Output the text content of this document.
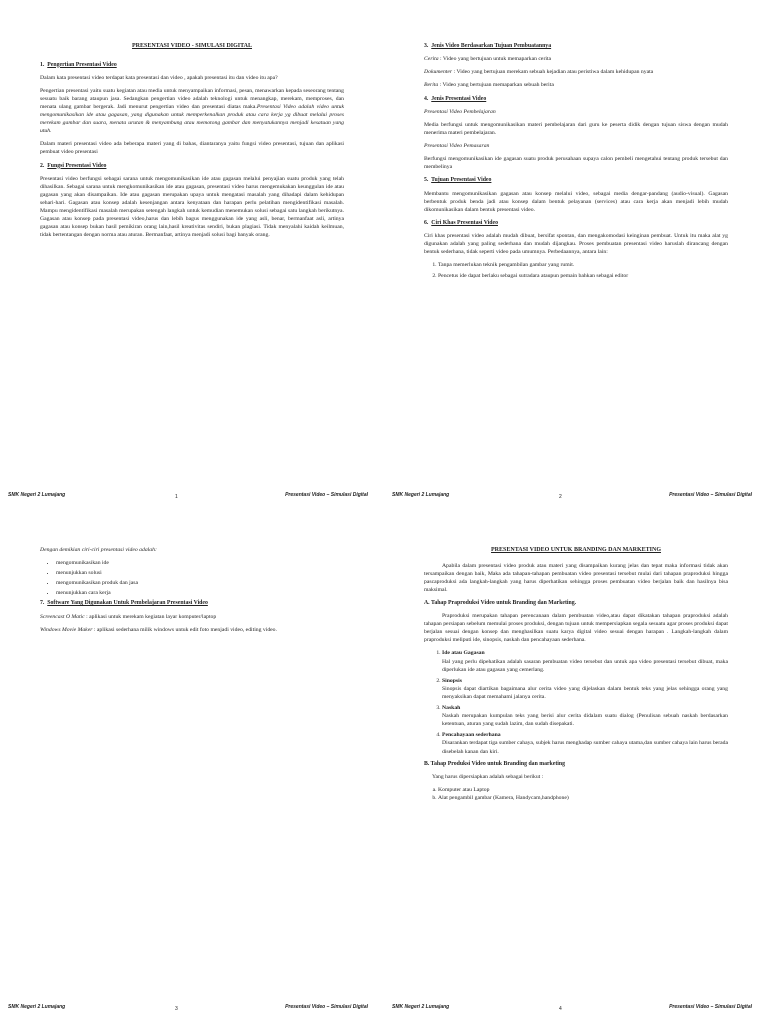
PRESENTASI VIDEO - SIMULASI DIGITAL
1. Pengertian Presentasi Video

Dalam kata presentasi video terdapat kata presentasi dan video , apakah presentasi itu dan video itu apa?

Pengertian presentasi yaitu suatu kegiatan atau media untuk menyampaikan informasi, pesan, menawarkan kepada seseorang tentang sesuatu baik barang ataupun jasa. Sedangkan pengertian video adalah teknologi untuk menangkap, merekam, memproses, dan menata ulang gambar bergerak. Jadi menurut pengertian video dan presentasi diatas maka.Presentasi Video adalah video untuk mengomunikasikan ide atau gagasan, yang digunakan untuk memperkenalkan produk atau cara kerja yg dibuat melalui proses merekam gambar dan suara, menata urutan & menyambung atau memotong gambar dan menyatukannya menjadi kesatuan yang utuh.

Dalam materi presentasi video ada beberapa materi yang di bahas, diantaranya yaitu fungsi video presentasi, tujuan dan aplikasi pembuat video presentasi

2. Fungsi Presentasi Video

Presentasi video berfungsi sebagai sarana untuk mengomunikasikan ide atau gagasan melalui penyajian suatu produk yang telah dihasilkan. Sebagai sarana untuk mengkomunikasikan ide atau gagasan, presentasi video harus mengemukakan keunggulan ide atau gagasan yang akan disampaikan. Ide atau gagasan merupakan upaya untuk mengatasi masalah yang dihadapi dalam kehidupan sehari-hari. Gagasan atau konsep adalah kesenjangan antara kenyataan dan harapan perlu pelatihan mengidentifikasi masalah. Mampu mengidentifikasi masalah merupakan setengah langkah untuk kemudian menemukan solusi sebagai satu langkah berikutnya. Gagasan atau konsep pada presentasi video,harus dan lebih bagus menggunakan ide yang asli, benar, bermanfaat asli, artinya gagasan atau konsep bukan hasil pemikiran orang lain,hasil kreativitas sendiri, bukan plagiasi. Tidak menyalahi kaidah keilmuan, tidak bertentangan dengan norma atau aturan. Bermanfaat, artinya menjadi solusi bagi banyak orang.

SMK Negeri 2 Lumajang	1	Presentasi Video – Simulasi Digital
3. Jenis Video Berdasarkan Tujuan Pembuatannya

Cerita : Video yang bertujuan untuk memaparkan cerita

Dokumenter : Video yang bertujuan merekam sebuah kejadian atau peristiwa dalam kehidupan nyata

Berita : Video yang bertujuan memaparkan sebuah berita

4. Jenis Presentasi Video

Presentasi Video Pembelajaran

Media berfungsi untuk mengomunikasikan materi pembelajaran dari guru ke peserta didik dengan tujuan siswa dengan mudah menerima materi pembelajaran.

Presentasi Video Pemasaran

Berfungsi mengomunikasikan ide gagasan suatu produk perusahaan supaya calon pembeli mengetahui tentang produk tersebut dan membelinya

5. Tujuan Presentasi Video

Membantu mengomunikasikan gagasan atau konsep melalui video, sebagai media dengar-pandang (audio-visual). Gagasan berbentuk produk benda jadi atau konsep dalam bentuk pelayanan (services) atau cara kerja akan menjadi lebih mudah dikomunikasikan dalam bentuk presentasi video.

6. Ciri Khas Presentasi Video

Ciri khas presentasi video adalah mudah dibuat, bersifat spontan, dan mengakomodasi keinginan pembuat. Untuk itu maka alat yg digunakan adalah yang paling sederhana dan mudah dijangkau. Proses pembuatan presentasi video haruslah dirancang dengan bentuk sederhana, tidak seperti video pada umumnya. Perbedaannya, antara lain:

1. Tanpa memerlukan teknik pengambilan gambar yang rumit.
2. Pencetus ide dapat berlaku sebagai sutradara ataupun pemain bahkan sebagai editor
SMK Negeri 2 Lumajang	2	Presentasi Video – Simulasi Digital

Dengan demikian ciri-ciri presentasi video adalah:

• mengomunikasikan ide
• menunjukkan solusi
• mengomunikasikan produk dan jasa
• menunjukkan cara kerja
7. Software Yang Digunakan Untuk Pembelajaran Presentasi Video

Screencast O Matic : aplikasi untuk merekam kegiatan layar komputer/laptop

Windows Movie Maker : aplikasi sederhana milik windows untuk edit foto menjadi video, editing video.

SMK Negeri 2 Lumajang	3	Presentasi Video – Simulasi Digital
PRESENTASI VIDEO UNTUK BRANDING DAN MARKETING

Apabila dalam presentasi video produk atau materi yang disampaikan kurang jelas dan tepat maka informasi tidak akan tersampaikan dengan baik, Maka ada tahapan-tahapan pembuatan video presentasi tersebut mulai dari tahapan praproduksi hingga pascaproduksi ada langkah-langkah yang harus diperhatikan sehingga proses pembuatan video berjalan baik dan hasilnya bisa maksimal.

A. Tahap Praproduksi Video untuk Branding dan Marketing.

Praproduksi merupakan tahapan perencanaan dalam pembuatan video,atau dapat dikatakan tahapan praproduksi adalah tahapan persiapan sebelum memulai proses produksi, dengan tujuan untuk mempersiapkan segala sesuatu agar proses produksi dapat berjalan sesuai dengan konsep dan menghasilkan suatu karya digital video sesuai dengan harapan . Langkah-langkah dalam praproduksi meliputi ide, sinopsis, naskah dan pencahayaan sederhana.

1. Ide atau Gagasan
Hal yang perlu dipehatikan adalah sasaran pembuatan video tersebut dan untuk apa video presentasi tersebut dibuat, maka diperlukan ide atau gagasan yang cemerlang.
2. Sinopsis
Sinopsis dapat diartikan bagaimana alur cerita video yang dijelaskan dalam bentuk teks yang jelas sehingga orang yang menyaksikan dapat memahami jalanya cerita.
3. Naskah
Naskah merupakan kumpulan teks yang berisi alur cerita didalam suatu dialog (Penulisan sebuah naskah berdasarkan ketentuan, aturan yang sudah lazim, dan sudah disepakati.
4. Pencahayaan sederhana
Disarankan terdapat tiga sumber cahaya, subjek harus menghadap sumber cahaya utama,dan sumber cahaya lain harus berada disebelah kanan dan kiri.
B. Tahap Produksi Video untuk Branding dan marketing

Yang harus dipersiapkan adalah sebagai berikut :

a. Komputer atau Laptop
b. Alat pengambil gambar (Kamera, Handycam,handphone)
SMK Negeri 2 Lumajang	4	Presentasi Video – Simulasi Digital
